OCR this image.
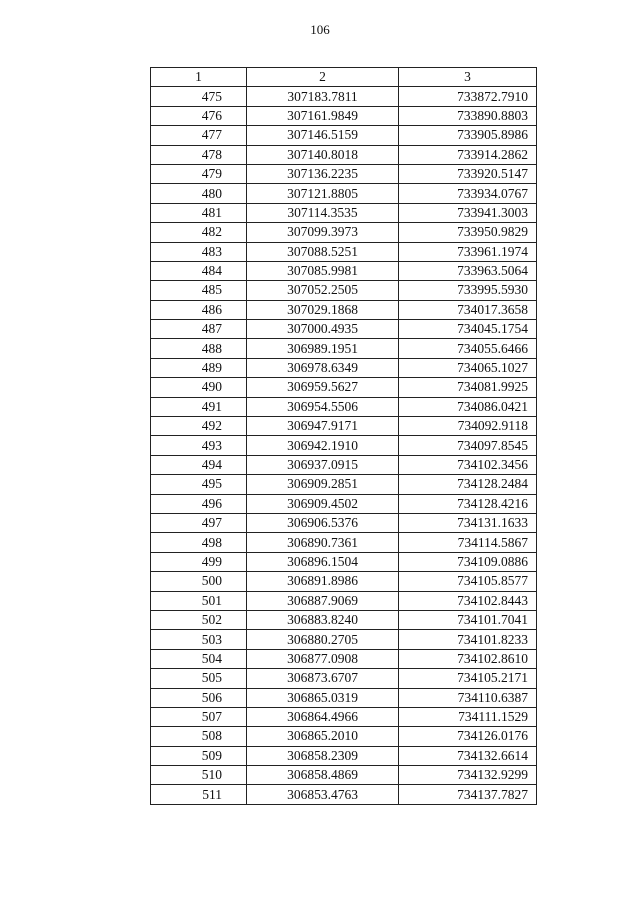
106
1	2	3
475	307183.7811	733872.7910
476	307161.9849	733890.8803
477	307146.5159	733905.8986
478	307140.8018	733914.2862
479	307136.2235	733920.5147
480	307121.8805	733934.0767
481	307114.3535	733941.3003
482	307099.3973	733950.9829
483	307088.5251	733961.1974
484	307085.9981	733963.5064
485	307052.2505	733995.5930
486	307029.1868	734017.3658
487	307000.4935	734045.1754
488	306989.1951	734055.6466
489	306978.6349	734065.1027
490	306959.5627	734081.9925
491	306954.5506	734086.0421
492	306947.9171	734092.9118
493	306942.1910	734097.8545
494	306937.0915	734102.3456
495	306909.2851	734128.2484
496	306909.4502	734128.4216
497	306906.5376	734131.1633
498	306890.7361	734114.5867
499	306896.1504	734109.0886
500	306891.8986	734105.8577
501	306887.9069	734102.8443
502	306883.8240	734101.7041
503	306880.2705	734101.8233
504	306877.0908	734102.8610
505	306873.6707	734105.2171
506	306865.0319	734110.6387
507	306864.4966	734111.1529
508	306865.2010	734126.0176
509	306858.2309	734132.6614
510	306858.4869	734132.9299
511	306853.4763	734137.7827
